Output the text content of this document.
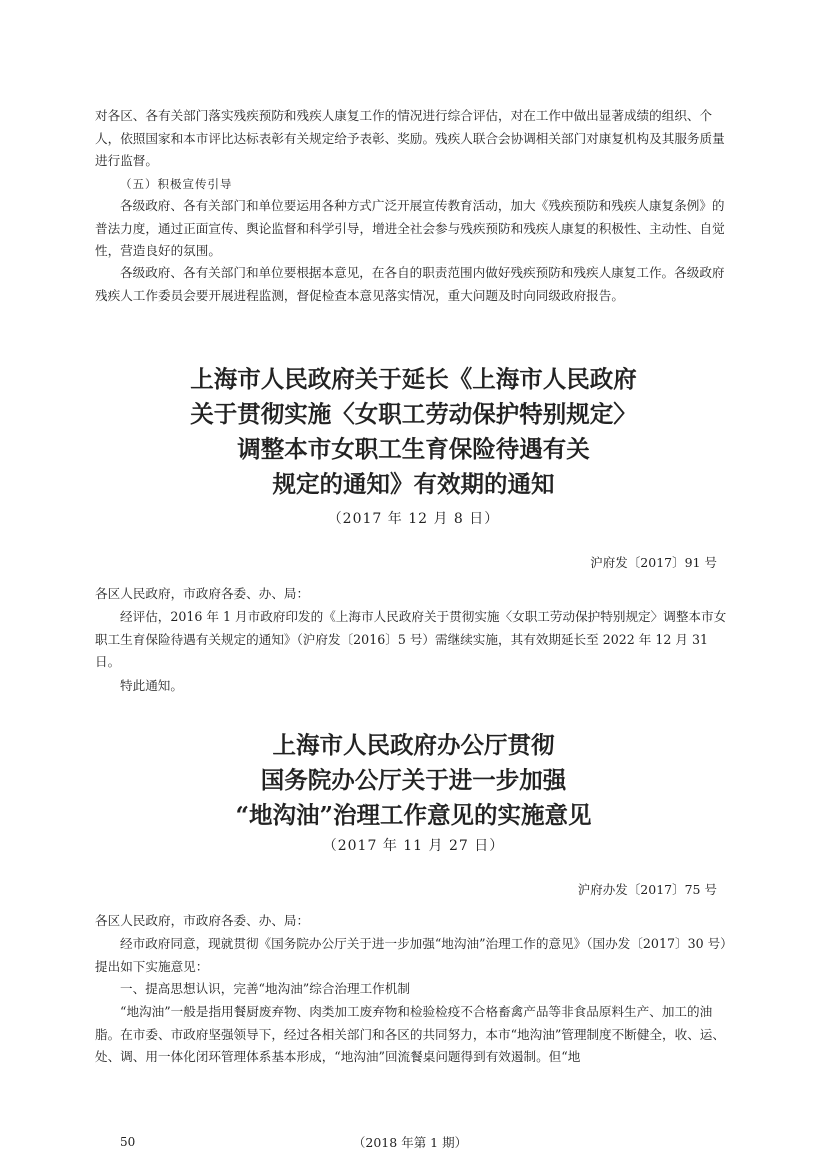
对各区、各有关部门落实残疾预防和残疾人康复工作的情况进行综合评估，对在工作中做出显著成绩的组织、个人，依照国家和本市评比达标表彰有关规定给予表彰、奖励。残疾人联合会协调相关部门对康复机构及其服务质量进行监督。

（五）积极宣传引导

各级政府、各有关部门和单位要运用各种方式广泛开展宣传教育活动，加大《残疾预防和残疾人康复条例》的普法力度，通过正面宣传、舆论监督和科学引导，增进全社会参与残疾预防和残疾人康复的积极性、主动性、自觉性，营造良好的氛围。

各级政府、各有关部门和单位要根据本意见，在各自的职责范围内做好残疾预防和残疾人康复工作。各级政府残疾人工作委员会要开展进程监测，督促检查本意见落实情况，重大问题及时向同级政府报告。

上海市人民政府关于延长《上海市人民政府

关于贯彻实施〈女职工劳动保护特别规定〉

调整本市女职工生育保险待遇有关

规定的通知》有效期的通知

（2017 年 12 月 8 日）

沪府发〔2017〕91 号

各区人民政府，市政府各委、办、局：

经评估，2016 年 1 月市政府印发的《上海市人民政府关于贯彻实施〈女职工劳动保护特别规定〉调整本市女职工生育保险待遇有关规定的通知》（沪府发〔2016〕5 号）需继续实施，其有效期延长至 2022 年 12 月 31 日。

特此通知。

上海市人民政府办公厅贯彻

国务院办公厅关于进一步加强

“地沟油”治理工作意见的实施意见

（2017 年 11 月 27 日）

沪府办发〔2017〕75 号

各区人民政府，市政府各委、办、局：

经市政府同意，现就贯彻《国务院办公厅关于进一步加强“地沟油”治理工作的意见》（国办发〔2017〕30 号）提出如下实施意见：

一、提高思想认识，完善“地沟油”综合治理工作机制

“地沟油”一般是指用餐厨废弃物、肉类加工废弃物和检验检疫不合格畜禽产品等非食品原料生产、加工的油脂。在市委、市政府坚强领导下，经过各相关部门和各区的共同努力，本市“地沟油”管理制度不断健全，收、运、处、调、用一体化闭环管理体系基本形成，“地沟油”回流餐桌问题得到有效遏制。但“地

50	（2018 年第 1 期）
